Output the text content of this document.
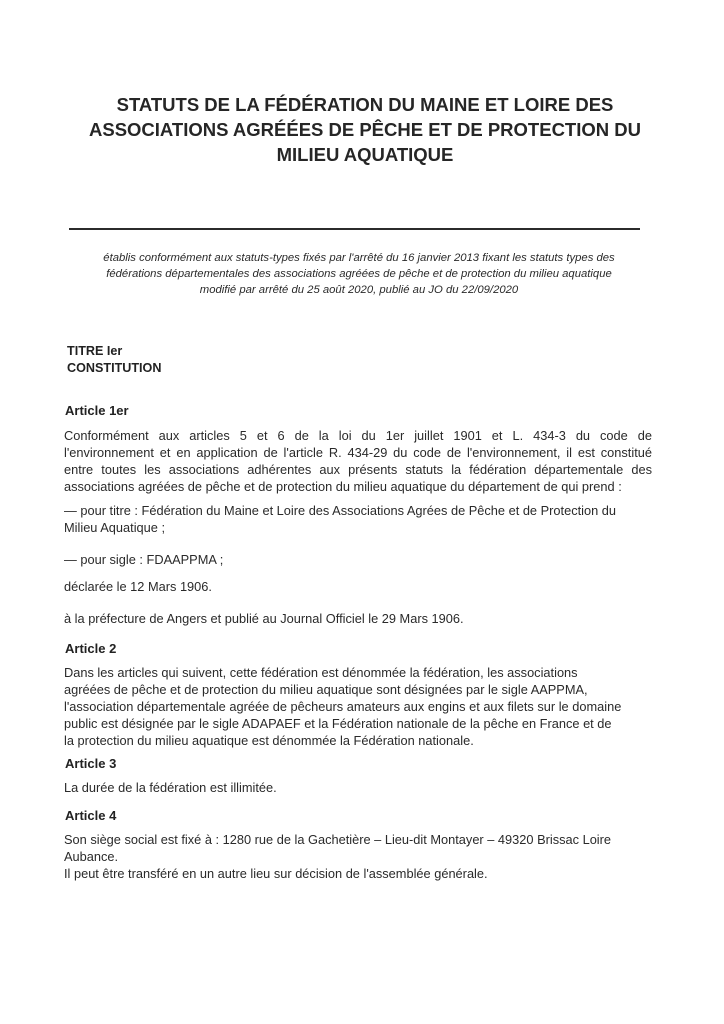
STATUTS DE LA FÉDÉRATION DU MAINE ET LOIRE DES
ASSOCIATIONS AGRÉÉES DE PÊCHE ET DE PROTECTION DU
MILIEU AQUATIQUE
établis conformément aux statuts-types fixés par l'arrêté du 16 janvier 2013 fixant les statuts types des
fédérations départementales des associations agréées de pêche et de protection du milieu aquatique
modifié par arrêté du 25 août 2020, publié au JO du 22/09/2020
TITRE Ier
CONSTITUTION
Article 1er
Conformément aux articles 5 et 6 de la loi du 1er juillet 1901 et L. 434-3 du code de
l'environnement et en application de l'article R. 434-29 du code de l'environnement, il est constitué
entre toutes les associations adhérentes aux présents statuts la fédération départementale des
associations agréées de pêche et de protection du milieu aquatique du département de qui prend :
— pour titre : Fédération du Maine et Loire des Associations Agrées de Pêche et de Protection du
Milieu Aquatique ;
— pour sigle : FDAAPPMA ;
déclarée le 12 Mars 1906.
à la préfecture de Angers et publié au Journal Officiel le 29 Mars 1906.
Article 2
Dans les articles qui suivent, cette fédération est dénommée la fédération, les associations
agréées de pêche et de protection du milieu aquatique sont désignées par le sigle AAPPMA,
l'association départementale agréée de pêcheurs amateurs aux engins et aux filets sur le domaine
public est désignée par le sigle ADAPAEF et la Fédération nationale de la pêche en France et de
la protection du milieu aquatique est dénommée la Fédération nationale.
Article 3
La durée de la fédération est illimitée.
Article 4
Son siège social est fixé à : 1280 rue de la Gachetière – Lieu-dit Montayer – 49320 Brissac Loire
Aubance.
Il peut être transféré en un autre lieu sur décision de l'assemblée générale.
